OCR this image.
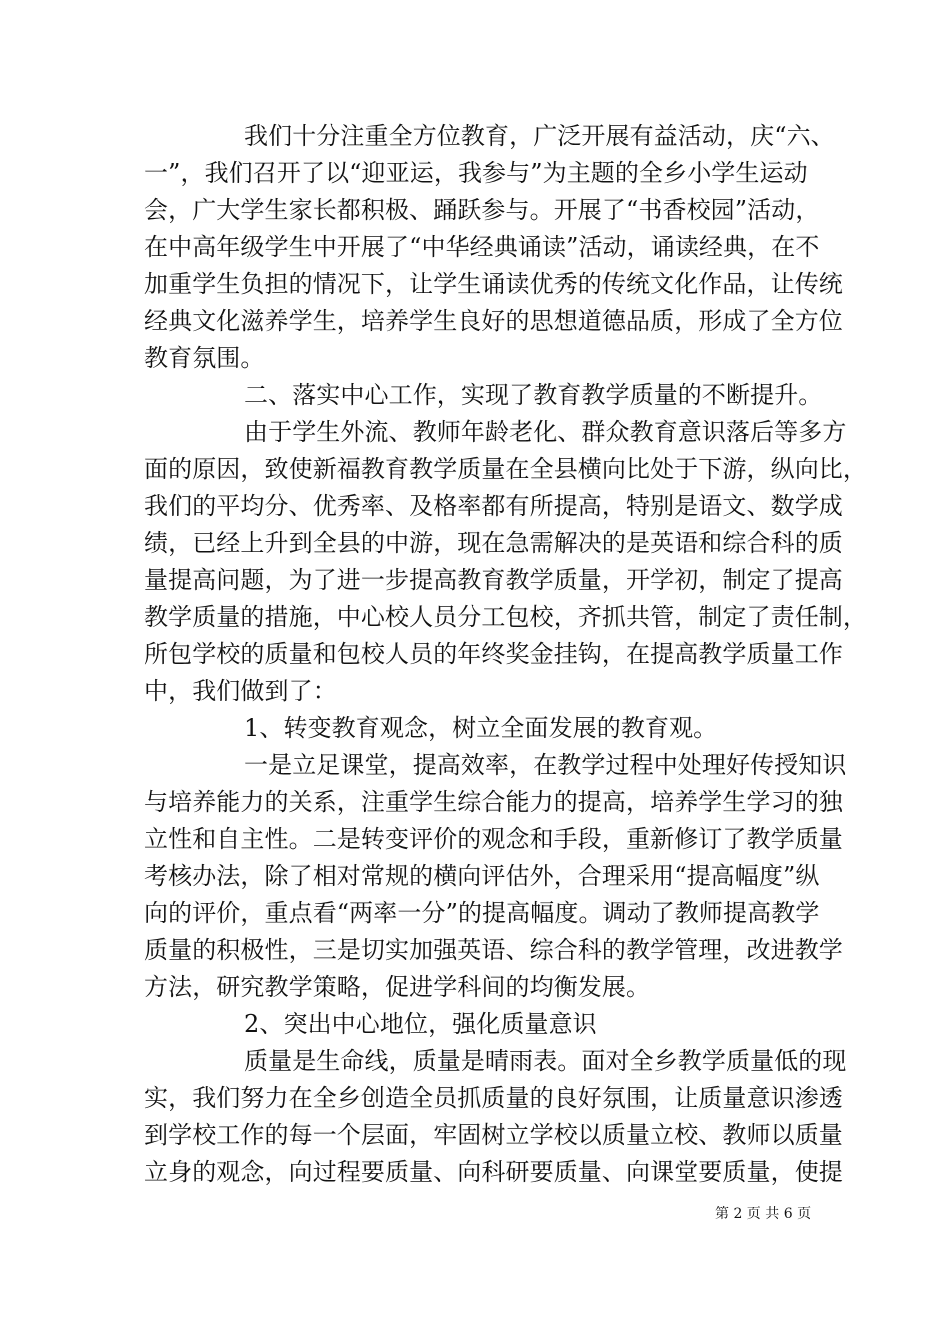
我们十分注重全方位教育，广泛开展有益活动，庆“六、
一”，我们召开了以“迎亚运，我参与”为主题的全乡小学生运动
会，广大学生家长都积极、踊跃参与。开展了“书香校园”活动，
在中高年级学生中开展了“中华经典诵读”活动，诵读经典，在不
加重学生负担的情况下，让学生诵读优秀的传统文化作品，让传统
经典文化滋养学生，培养学生良好的思想道德品质，形成了全方位
教育氛围。
二、落实中心工作，实现了教育教学质量的不断提升。
由于学生外流、教师年龄老化、群众教育意识落后等多方
面的原因，致使新福教育教学质量在全县横向比处于下游，纵向比，
我们的平均分、优秀率、及格率都有所提高，特别是语文、数学成
绩，已经上升到全县的中游，现在急需解决的是英语和综合科的质
量提高问题，为了进一步提高教育教学质量，开学初，制定了提高
教学质量的措施，中心校人员分工包校，齐抓共管，制定了责任制，
所包学校的质量和包校人员的年终奖金挂钩，在提高教学质量工作
中，我们做到了：
1、转变教育观念，树立全面发展的教育观。
一是立足课堂，提高效率，在教学过程中处理好传授知识
与培养能力的关系，注重学生综合能力的提高，培养学生学习的独
立性和自主性。二是转变评价的观念和手段，重新修订了教学质量
考核办法，除了相对常规的横向评估外，合理采用“提高幅度”纵
向的评价，重点看“两率一分”的提高幅度。调动了教师提高教学
质量的积极性，三是切实加强英语、综合科的教学管理，改进教学
方法，研究教学策略，促进学科间的均衡发展。
2、突出中心地位，强化质量意识
质量是生命线，质量是晴雨表。面对全乡教学质量低的现
实，我们努力在全乡创造全员抓质量的良好氛围，让质量意识渗透
到学校工作的每一个层面，牢固树立学校以质量立校、教师以质量
立身的观念，向过程要质量、向科研要质量、向课堂要质量，使提
第 2 页 共 6 页
